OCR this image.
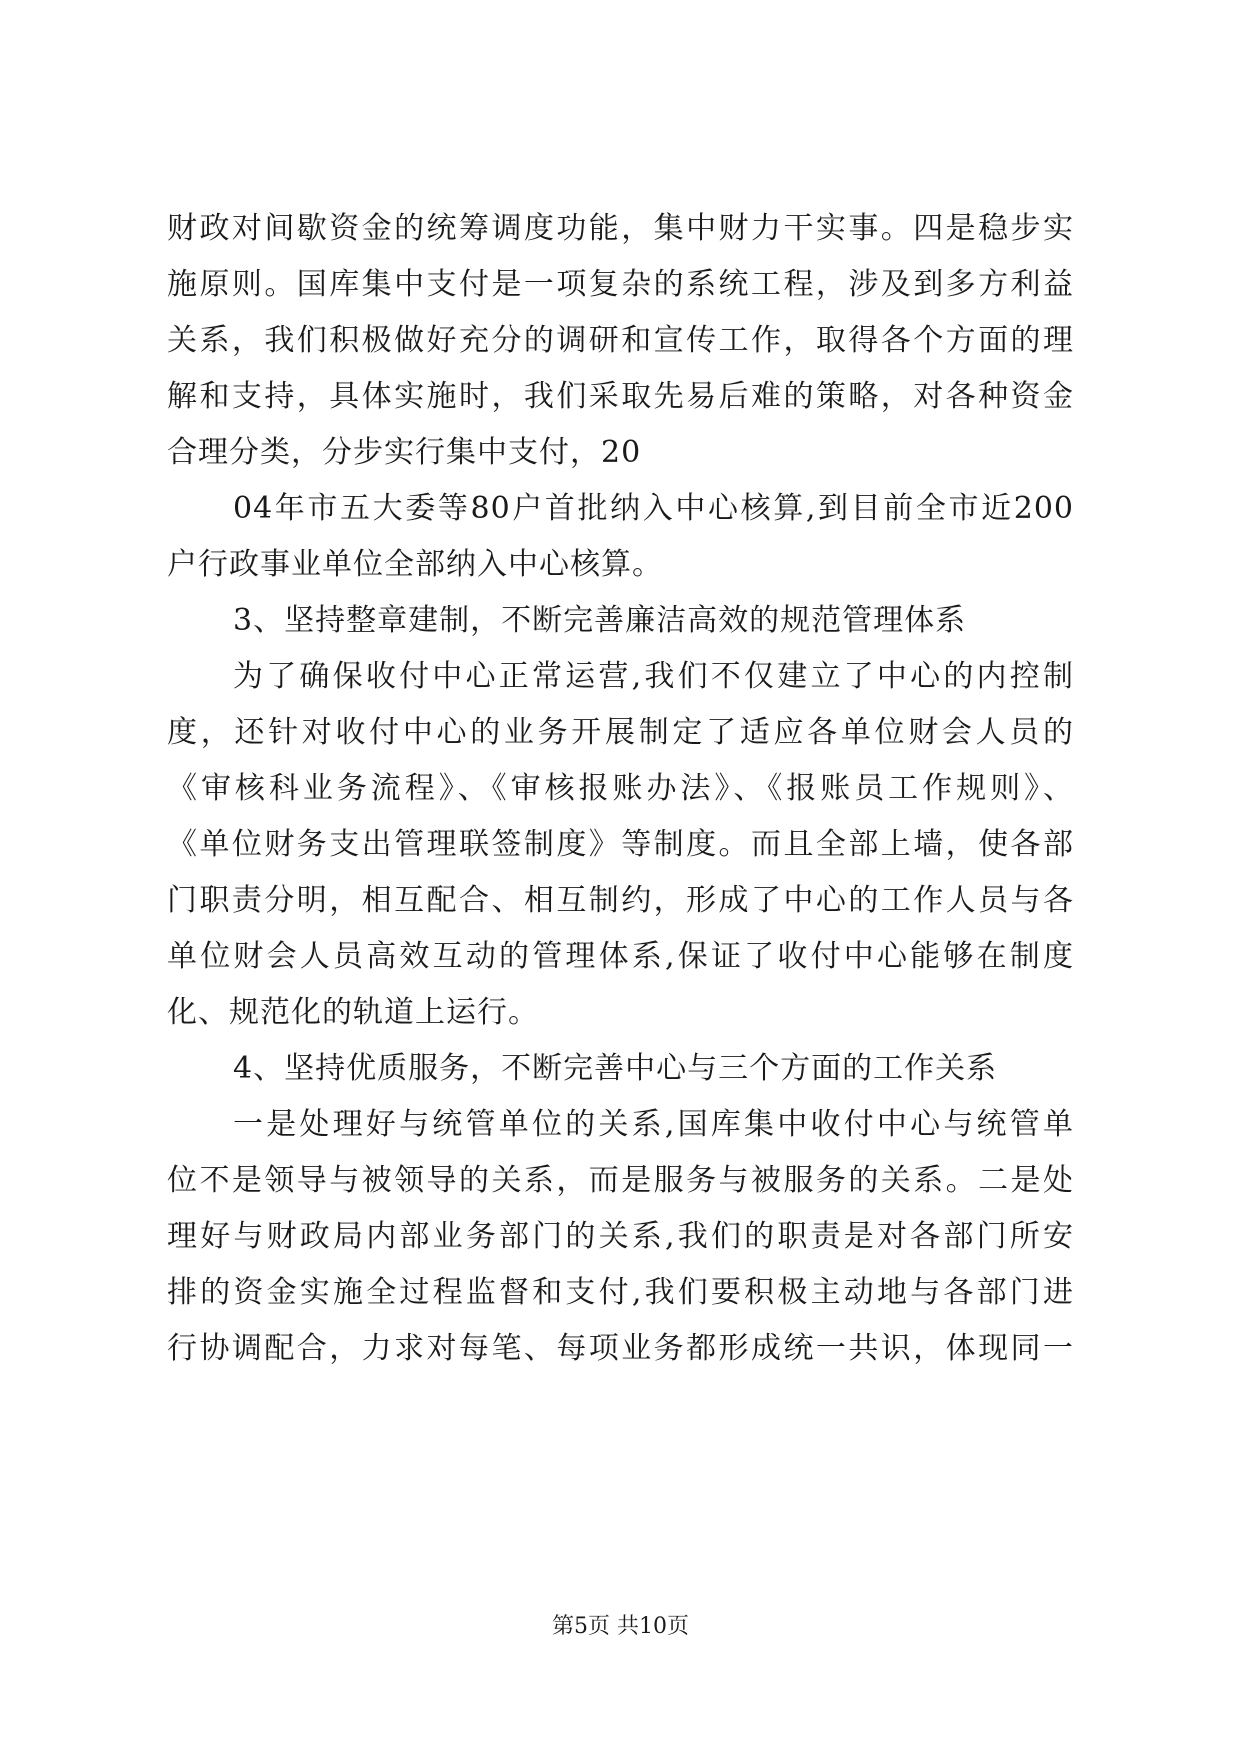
财政对间歇资金的统筹调度功能，集中财力干实事。四是稳步实
施原则。国库集中支付是一项复杂的系统工程，涉及到多方利益
关系，我们积极做好充分的调研和宣传工作，取得各个方面的理
解和支持，具体实施时，我们采取先易后难的策略，对各种资金
合理分类，分步实行集中支付，20
04年市五大委等80户首批纳入中心核算,到目前全市近200
户行政事业单位全部纳入中心核算。
3、坚持整章建制，不断完善廉洁高效的规范管理体系
为了确保收付中心正常运营,我们不仅建立了中心的内控制
度，还针对收付中心的业务开展制定了适应各单位财会人员的
《审核科业务流程》、《审核报账办法》、《报账员工作规则》、
《单位财务支出管理联签制度》等制度。而且全部上墙，使各部
门职责分明，相互配合、相互制约，形成了中心的工作人员与各
单位财会人员高效互动的管理体系,保证了收付中心能够在制度
化、规范化的轨道上运行。
4、坚持优质服务，不断完善中心与三个方面的工作关系
一是处理好与统管单位的关系,国库集中收付中心与统管单
位不是领导与被领导的关系，而是服务与被服务的关系。二是处
理好与财政局内部业务部门的关系,我们的职责是对各部门所安
排的资金实施全过程监督和支付,我们要积极主动地与各部门进
行协调配合，力求对每笔、每项业务都形成统一共识，体现同一
第5页 共10页
